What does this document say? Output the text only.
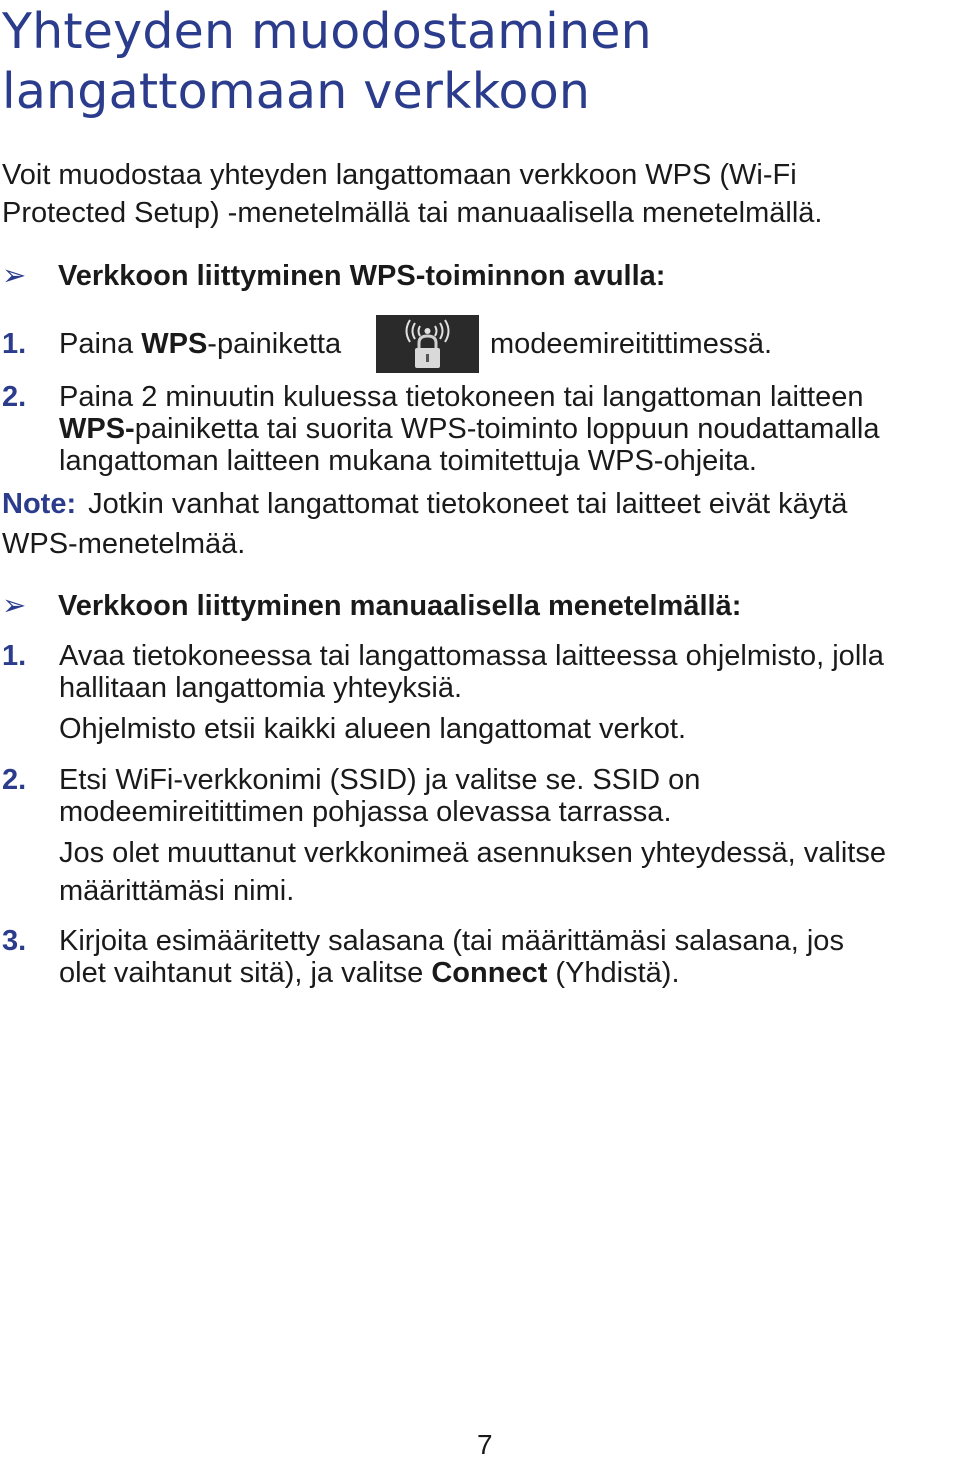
Yhteyden muodostaminen langattomaan verkkoon

Voit muodostaa yhteyden langattomaan verkkoon WPS (Wi-Fi
Protected Setup) -menetelmällä tai manuaalisella menetelmällä.

➢ Verkkoon liittyminen WPS-toiminnon avulla:
1. Paina WPS-painiketta	modeemireitittimessä.
2. Paina 2 minuutin kuluessa tietokoneen tai langattoman laitteen
WPS-painiketta tai suorita WPS-toiminto loppuun noudattamalla
langattoman laitteen mukana toimitettuja WPS-ohjeita.
Note: Jotkin vanhat langattomat tietokoneet tai laitteet eivät käytä
WPS-menetelmää.
➢ Verkkoon liittyminen manuaalisella menetelmällä:
1. Avaa tietokoneessa tai langattomassa laitteessa ohjelmisto, jolla
hallitaan langattomia yhteyksiä.
Ohjelmisto etsii kaikki alueen langattomat verkot.
2. Etsi WiFi-verkkonimi (SSID) ja valitse se. SSID on
modeemireitittimen pohjassa olevassa tarrassa.
Jos olet muuttanut verkkonimeä asennuksen yhteydessä, valitse
määrittämäsi nimi.
3. Kirjoita esimääritetty salasana (tai määrittämäsi salasana, jos
olet vaihtanut sitä), ja valitse Connect (Yhdistä).
7
